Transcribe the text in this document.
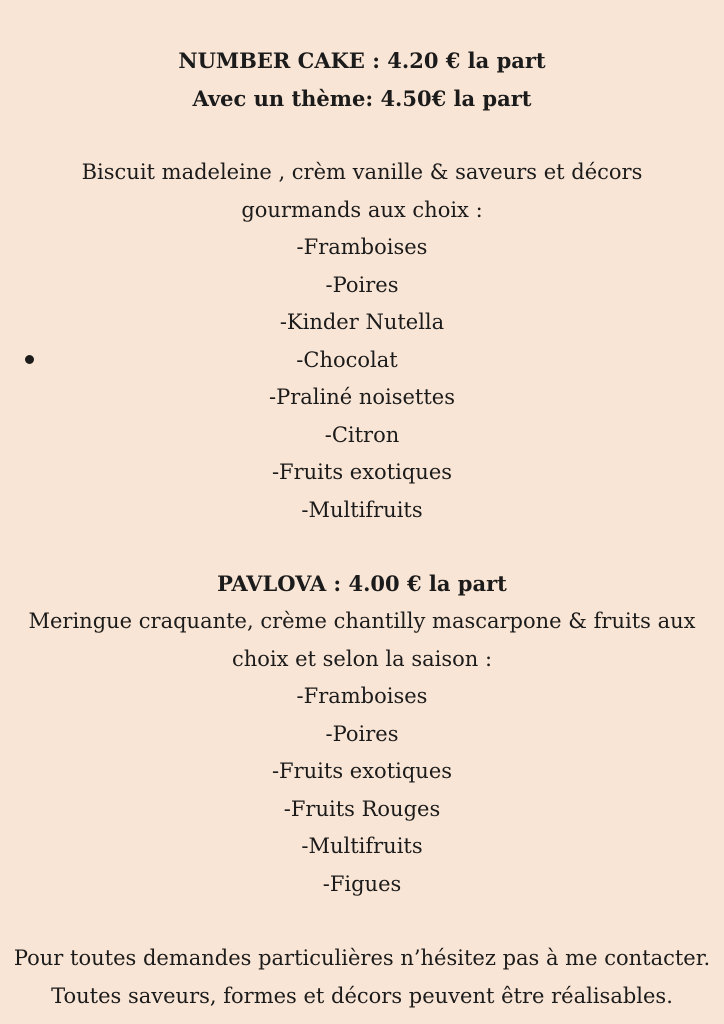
NUMBER CAKE : 4.20 € la part
Avec un thème: 4.50€ la part
Biscuit madeleine , crèm vanille & saveurs et décors
gourmands aux choix :
-Framboises
-Poires
-Kinder Nutella
-Chocolat
-Praliné noisettes
-Citron
-Fruits exotiques
-Multifruits
PAVLOVA : 4.00 € la part
Meringue craquante, crème chantilly mascarpone & fruits aux
choix et selon la saison :
-Framboises
-Poires
-Fruits exotiques
-Fruits Rouges
-Multifruits
-Figues
Pour toutes demandes particulières n’hésitez pas à me contacter.
Toutes saveurs, formes et décors peuvent être réalisables.
